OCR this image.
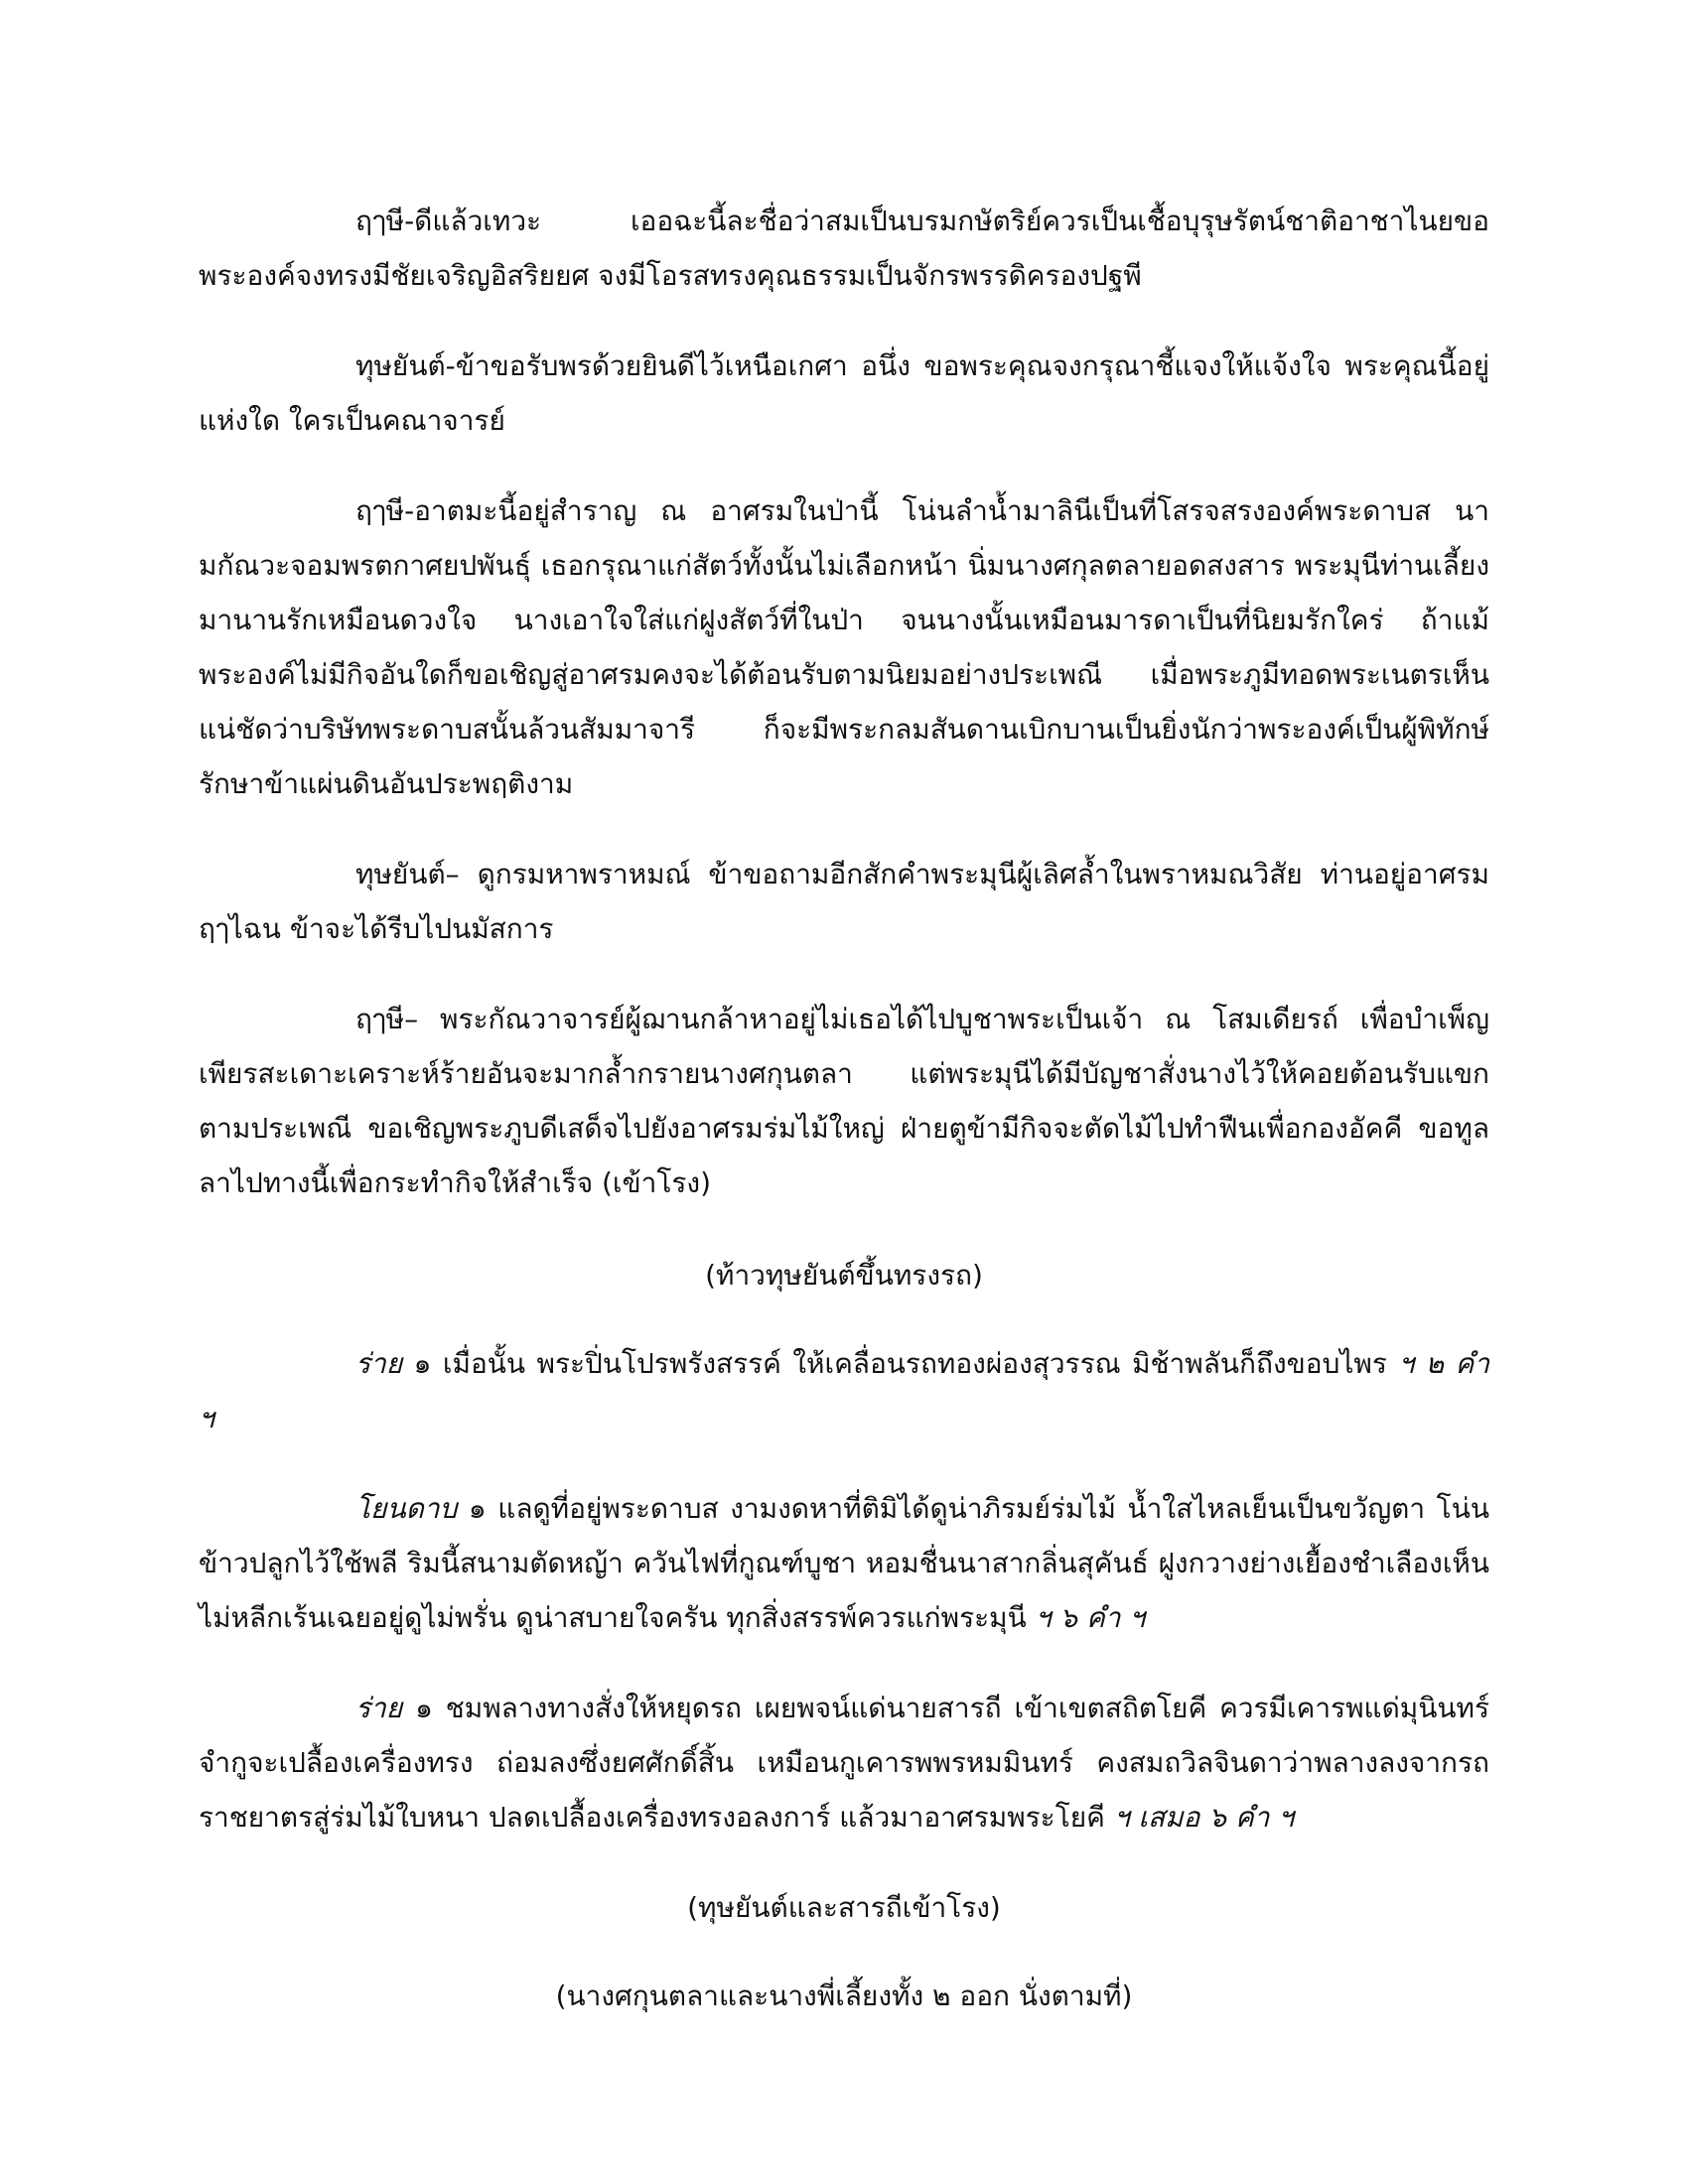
ฤๅษี-ดีแล้วเทวะ เออฉะนี้ละชื่อว่าสมเป็นบรมกษัตริย์ควรเป็นเชื้อบุรุษรัตน์ชาติอาชาไนยขอพระองค์จงทรงมีชัยเจริญอิสริยยศ จงมีโอรสทรงคุณธรรมเป็นจักรพรรดิครองปฐพี

ทุษยันต์-ข้าขอรับพรด้วยยินดีไว้เหนือเกศา อนึ่ง ขอพระคุณจงกรุณาชี้แจงให้แจ้งใจ พระคุณนี้อยู่แห่งใด ใครเป็นคณาจารย์

ฤๅษี-อาตมะนี้อยู่สำราญ ณ อาศรมในป่านี้ โน่นลำน้ำมาลินีเป็นที่โสรจสรงองค์พระดาบส นามกัณวะจอมพรตกาศยปพันธุ์ เธอกรุณาแก่สัตว์ทั้งนั้นไม่เลือกหน้า นิ่มนางศกุลตลายอดสงสาร พระมุนีท่านเลี้ยงมานานรักเหมือนดวงใจ นางเอาใจใส่แก่ฝูงสัตว์ที่ในป่า จนนางนั้นเหมือนมารดาเป็นที่นิยมรักใคร่ ถ้าแม้พระองค์ไม่มีกิจอันใดก็ขอเชิญสู่อาศรมคงจะได้ต้อนรับตามนิยมอย่างประเพณี เมื่อพระภูมีทอดพระเนตรเห็นแน่ชัดว่าบริษัทพระดาบสนั้นล้วนสัมมาจารี ก็จะมีพระกลมสันดานเบิกบานเป็นยิ่งนักว่าพระองค์เป็นผู้พิทักษ์รักษาข้าแผ่นดินอันประพฤติงาม

ทุษยันต์– ดูกรมหาพราหมณ์ ข้าขอถามอีกสักคำพระมุนีผู้เลิศล้ำในพราหมณวิสัย ท่านอยู่อาศรมฤๅไฉน ข้าจะได้รีบไปนมัสการ

ฤๅษี– พระกัณวาจารย์ผู้ฌานกล้าหาอยู่ไม่เธอได้ไปบูชาพระเป็นเจ้า ณ โสมเดียรถ์ เพื่อบำเพ็ญเพียรสะเดาะเคราะห์ร้ายอันจะมากล้ำกรายนางศกุนตลา แต่พระมุนีได้มีบัญชาสั่งนางไว้ให้คอยต้อนรับแขกตามประเพณี ขอเชิญพระภูบดีเสด็จไปยังอาศรมร่มไม้ใหญ่ ฝ่ายตูข้ามีกิจจะตัดไม้ไปทำฟืนเพื่อกองอัคคี ขอทูลลาไปทางนี้เพื่อกระทำกิจให้สำเร็จ (เข้าโรง)

(ท้าวทุษยันต์ขึ้นทรงรถ)

ร่าย ๑ เมื่อนั้น พระปิ่นโปรพรังสรรค์ ให้เคลื่อนรถทองผ่องสุวรรณ มิช้าพลันก็ถึงขอบไพร ฯ ๒ คำ ฯ

โยนดาบ ๑ แลดูที่อยู่พระดาบส งามงดหาที่ติมิได้ดูน่าภิรมย์ร่มไม้ น้ำใสไหลเย็นเป็นขวัญตา โน่นข้าวปลูกไว้ใช้พลี ริมนี้สนามตัดหญ้า ควันไฟที่กูณฑ์บูชา หอมชื่นนาสากลิ่นสุคันธ์ ฝูงกวางย่างเยื้องชำเลืองเห็น ไม่หลีกเร้นเฉยอยู่ดูไม่พรั่น ดูน่าสบายใจครัน ทุกสิ่งสรรพ์ควรแก่พระมุนี ฯ ๖ คำ ฯ

ร่าย ๑ ชมพลางทางสั่งให้หยุดรถ เผยพจน์แด่นายสารถี เข้าเขตสถิตโยคี ควรมีเคารพแด่มุนินทร์ จำกูจะเปลื้องเครื่องทรง ถ่อมลงซึ่งยศศักดิ์สิ้น เหมือนกูเคารพพรหมมินทร์ คงสมถวิลจินดาว่าพลางลงจากรถราชยาตรสู่ร่มไม้ใบหนา ปลดเปลื้องเครื่องทรงอลงการ์ แล้วมาอาศรมพระโยคี ฯ เสมอ ๖ คำ ฯ

(ทุษยันต์และสารถีเข้าโรง)

(นางศกุนตลาและนางพี่เลี้ยงทั้ง ๒ ออก นั่งตามที่)
